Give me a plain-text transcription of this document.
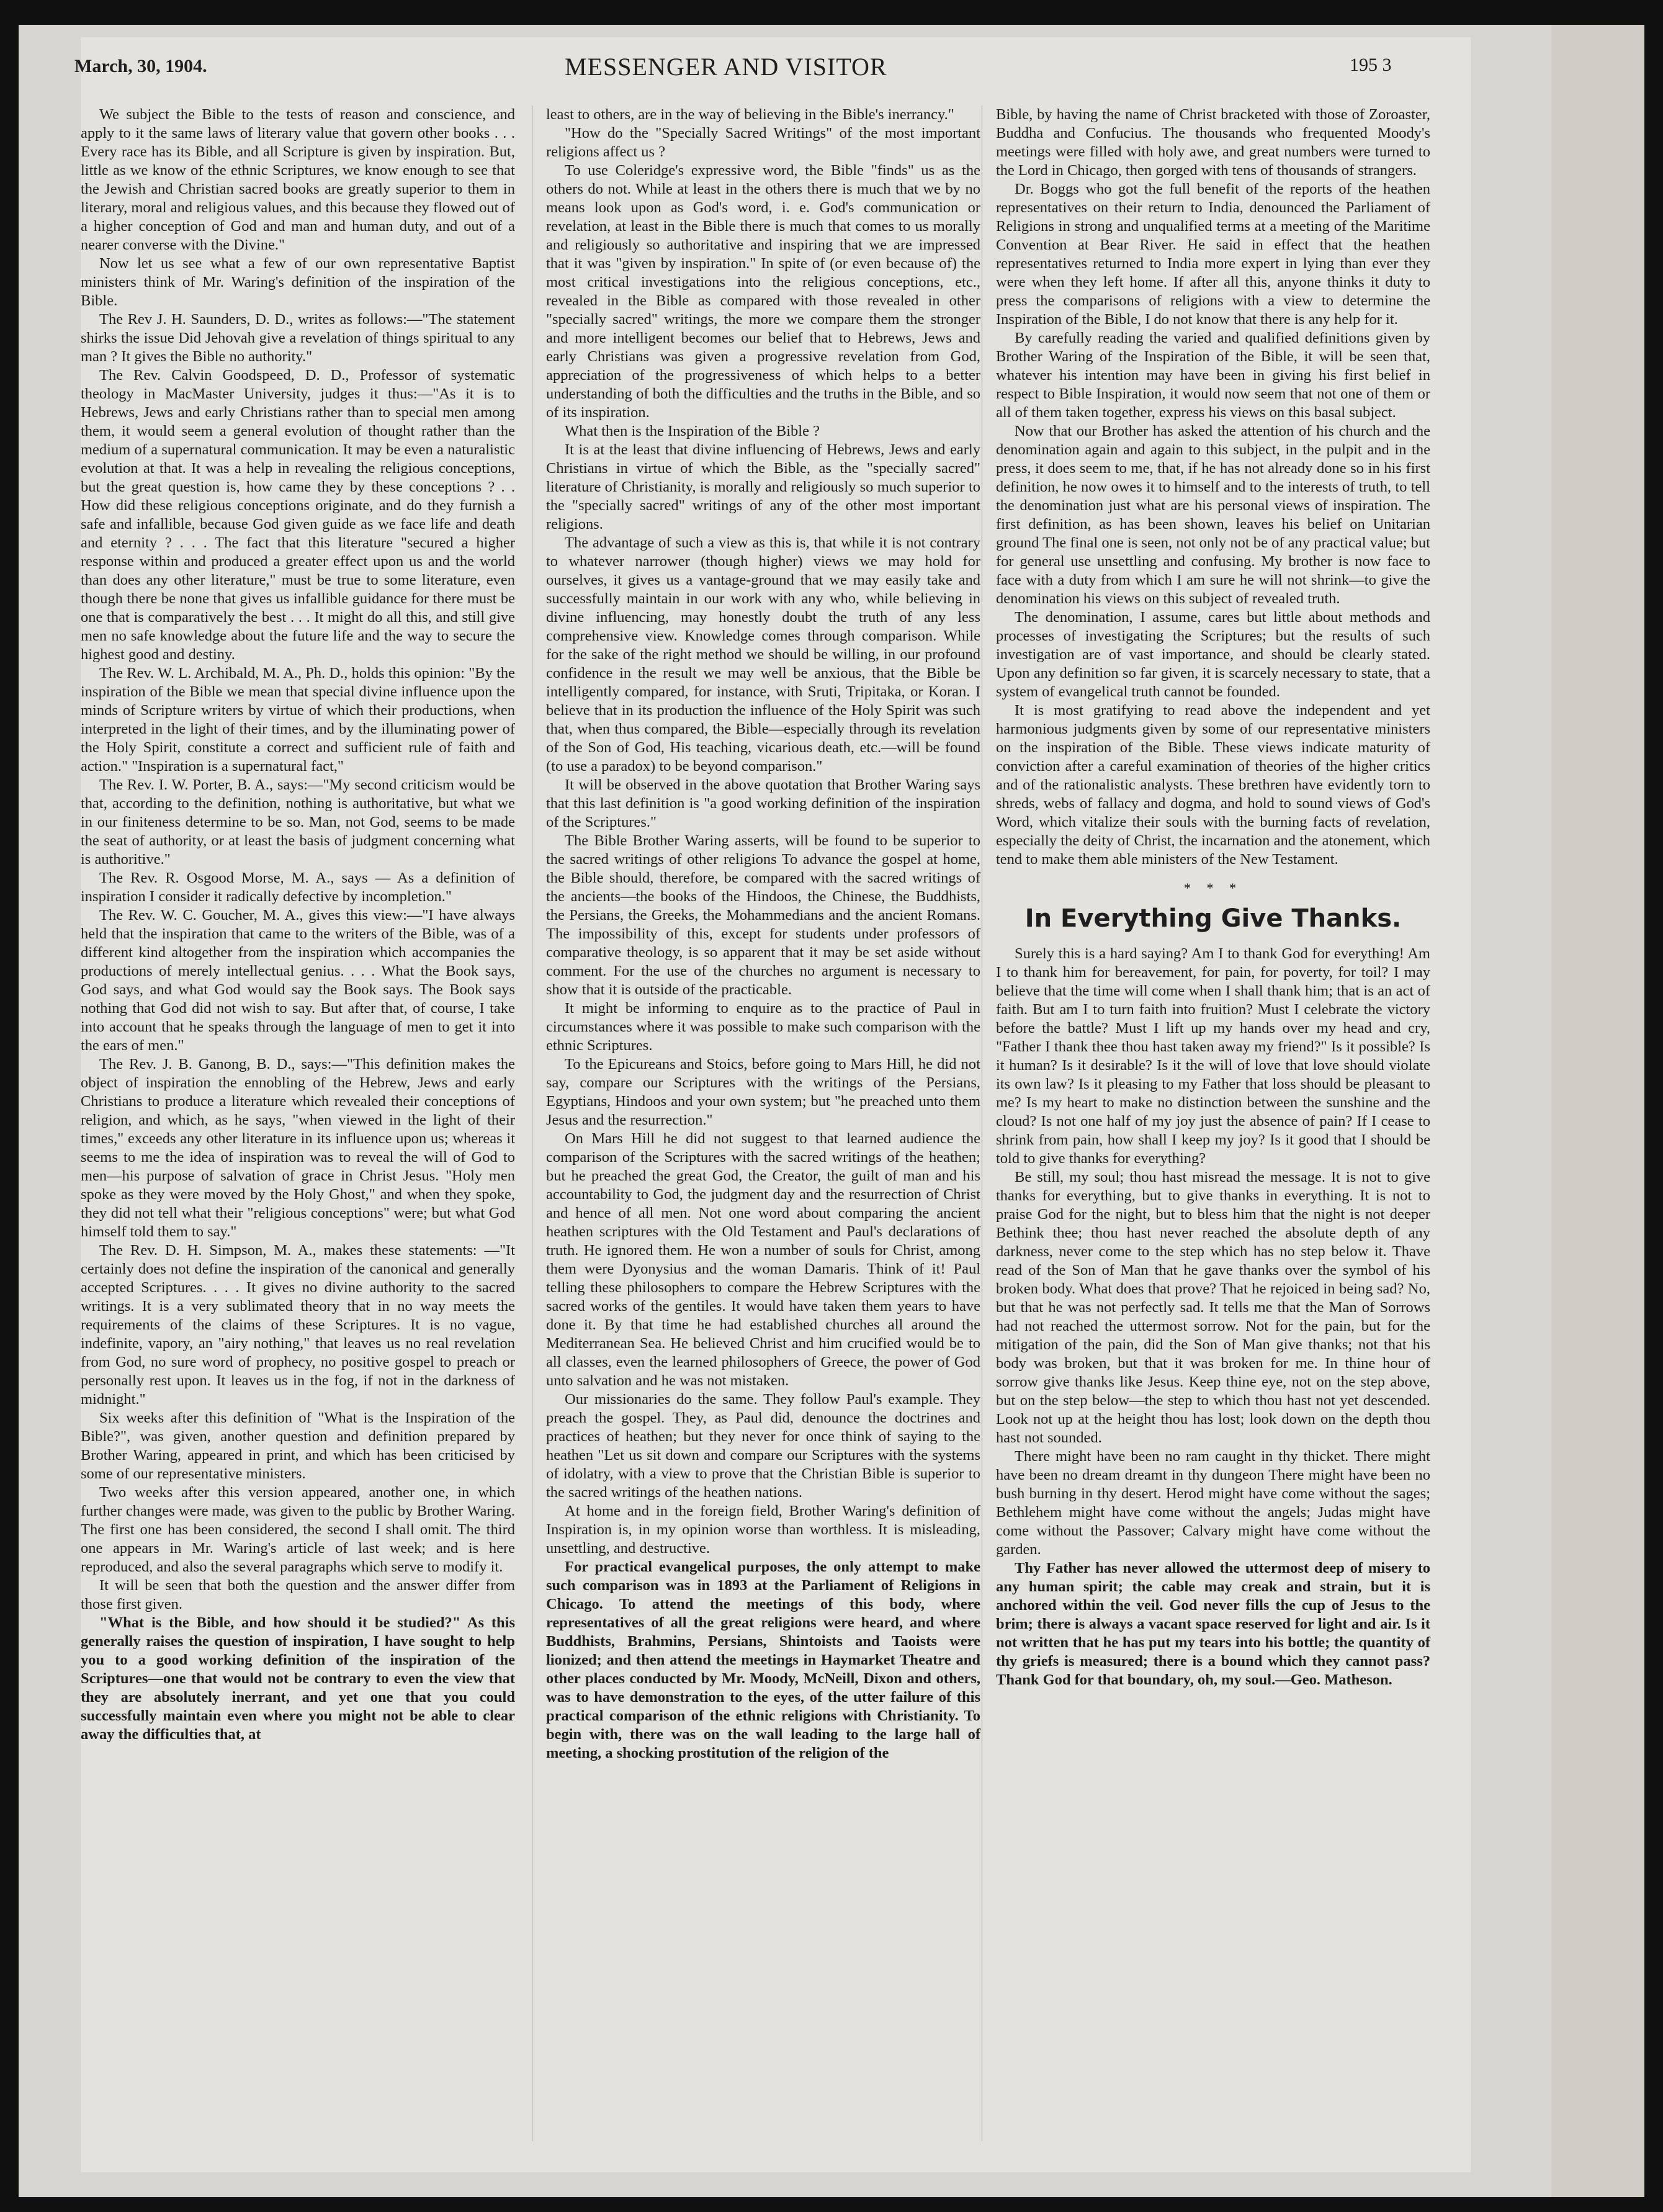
March, 30, 1904.	MESSENGER AND VISITOR	195 3

We subject the Bible to the tests of reason and conscience, and apply to it the same laws of literary value that govern other books . . . Every race has its Bible, and all Scripture is given by inspiration. But, little as we know of the ethnic Scriptures, we know enough to see that the Jewish and Christian sacred books are greatly superior to them in literary, moral and religious values, and this because they flowed out of a higher conception of God and man and human duty, and out of a nearer converse with the Divine."

Now let us see what a few of our own representative Baptist ministers think of Mr. Waring's definition of the inspiration of the Bible.

The Rev J. H. Saunders, D. D., writes as follows:—"The statement shirks the issue Did Jehovah give a revelation of things spiritual to any man ? It gives the Bible no authority."

The Rev. Calvin Goodspeed, D. D., Professor of systematic theology in MacMaster University, judges it thus:—"As it is to Hebrews, Jews and early Christians rather than to special men among them, it would seem a general evolution of thought rather than the medium of a supernatural communication. It may be even a naturalistic evolution at that. It was a help in revealing the religious conceptions, but the great question is, how came they by these conceptions ? . . How did these religious conceptions originate, and do they furnish a safe and infallible, because God given guide as we face life and death and eternity ? . . . The fact that this literature "secured a higher response within and produced a greater effect upon us and the world than does any other literature," must be true to some literature, even though there be none that gives us infallible guidance for there must be one that is comparatively the best . . . It might do all this, and still give men no safe knowledge about the future life and the way to secure the highest good and destiny.

The Rev. W. L. Archibald, M. A., Ph. D., holds this opinion: "By the inspiration of the Bible we mean that special divine influence upon the minds of Scripture writers by virtue of which their productions, when interpreted in the light of their times, and by the illuminating power of the Holy Spirit, constitute a correct and sufficient rule of faith and action." "Inspiration is a supernatural fact,"

The Rev. I. W. Porter, B. A., says:—"My second criticism would be that, according to the definition, nothing is authoritative, but what we in our finiteness determine to be so. Man, not God, seems to be made the seat of authority, or at least the basis of judgment concerning what is authoritive."

The Rev. R. Osgood Morse, M. A., says — As a definition of inspiration I consider it radically defective by incompletion."

The Rev. W. C. Goucher, M. A., gives this view:—"I have always held that the inspiration that came to the writers of the Bible, was of a different kind altogether from the inspiration which accompanies the productions of merely intellectual genius. . . . What the Book says, God says, and what God would say the Book says. The Book says nothing that God did not wish to say. But after that, of course, I take into account that he speaks through the language of men to get it into the ears of men."

The Rev. J. B. Ganong, B. D., says:—"This definition makes the object of inspiration the ennobling of the Hebrew, Jews and early Christians to produce a literature which revealed their conceptions of religion, and which, as he says, "when viewed in the light of their times," exceeds any other literature in its influence upon us; whereas it seems to me the idea of inspiration was to reveal the will of God to men—his purpose of salvation of grace in Christ Jesus. "Holy men spoke as they were moved by the Holy Ghost," and when they spoke, they did not tell what their "religious conceptions" were; but what God himself told them to say."

The Rev. D. H. Simpson, M. A., makes these statements: —"It certainly does not define the inspiration of the canonical and generally accepted Scriptures. . . . It gives no divine authority to the sacred writings. It is a very sublimated theory that in no way meets the requirements of the claims of these Scriptures. It is no vague, indefinite, vapory, an "airy nothing," that leaves us no real revelation from God, no sure word of prophecy, no positive gospel to preach or personally rest upon. It leaves us in the fog, if not in the darkness of midnight."

Six weeks after this definition of "What is the Inspiration of the Bible?", was given, another question and definition prepared by Brother Waring, appeared in print, and which has been criticised by some of our representative ministers.

Two weeks after this version appeared, another one, in which further changes were made, was given to the public by Brother Waring. The first one has been considered, the second I shall omit. The third one appears in Mr. Waring's article of last week; and is here reproduced, and also the several paragraphs which serve to modify it.

It will be seen that both the question and the answer differ from those first given.

"What is the Bible, and how should it be studied?" As this generally raises the question of inspiration, I have sought to help you to a good working definition of the inspiration of the Scriptures—one that would not be contrary to even the view that they are absolutely inerrant, and yet one that you could successfully maintain even where you might not be able to clear away the difficulties that, at

least to others, are in the way of believing in the Bible's inerrancy."

"How do the "Specially Sacred Writings" of the most important religions affect us ?

To use Coleridge's expressive word, the Bible "finds" us as the others do not. While at least in the others there is much that we by no means look upon as God's word, i. e. God's communication or revelation, at least in the Bible there is much that comes to us morally and religiously so authoritative and inspiring that we are impressed that it was "given by inspiration." In spite of (or even because of) the most critical investigations into the religious conceptions, etc., revealed in the Bible as compared with those revealed in other "specially sacred" writings, the more we compare them the stronger and more intelligent becomes our belief that to Hebrews, Jews and early Christians was given a progressive revelation from God, appreciation of the progressiveness of which helps to a better understanding of both the difficulties and the truths in the Bible, and so of its inspiration.

What then is the Inspiration of the Bible ?

It is at the least that divine influencing of Hebrews, Jews and early Christians in virtue of which the Bible, as the "specially sacred" literature of Christianity, is morally and religiously so much superior to the "specially sacred" writings of any of the other most important religions.

The advantage of such a view as this is, that while it is not contrary to whatever narrower (though higher) views we may hold for ourselves, it gives us a vantage-ground that we may easily take and successfully maintain in our work with any who, while believing in divine influencing, may honestly doubt the truth of any less comprehensive view. Knowledge comes through comparison. While for the sake of the right method we should be willing, in our profound confidence in the result we may well be anxious, that the Bible be intelligently compared, for instance, with Sruti, Tripitaka, or Koran. I believe that in its production the influence of the Holy Spirit was such that, when thus compared, the Bible—especially through its revelation of the Son of God, His teaching, vicarious death, etc.—will be found (to use a paradox) to be beyond comparison."

It will be observed in the above quotation that Brother Waring says that this last definition is "a good working definition of the inspiration of the Scriptures."

The Bible Brother Waring asserts, will be found to be superior to the sacred writings of other religions To advance the gospel at home, the Bible should, therefore, be compared with the sacred writings of the ancients—the books of the Hindoos, the Chinese, the Buddhists, the Persians, the Greeks, the Mohammedians and the ancient Romans. The impossibility of this, except for students under professors of comparative theology, is so apparent that it may be set aside without comment. For the use of the churches no argument is necessary to show that it is outside of the practicable.

It might be informing to enquire as to the practice of Paul in circumstances where it was possible to make such comparison with the ethnic Scriptures.

To the Epicureans and Stoics, before going to Mars Hill, he did not say, compare our Scriptures with the writings of the Persians, Egyptians, Hindoos and your own system; but "he preached unto them Jesus and the resurrection."

On Mars Hill he did not suggest to that learned audience the comparison of the Scriptures with the sacred writings of the heathen; but he preached the great God, the Creator, the guilt of man and his accountability to God, the judgment day and the resurrection of Christ and hence of all men. Not one word about comparing the ancient heathen scriptures with the Old Testament and Paul's declarations of truth. He ignored them. He won a number of souls for Christ, among them were Dyonysius and the woman Damaris. Think of it! Paul telling these philosophers to compare the Hebrew Scriptures with the sacred works of the gentiles. It would have taken them years to have done it. By that time he had established churches all around the Mediterranean Sea. He believed Christ and him crucified would be to all classes, even the learned philosophers of Greece, the power of God unto salvation and he was not mistaken.

Our missionaries do the same. They follow Paul's example. They preach the gospel. They, as Paul did, denounce the doctrines and practices of heathen; but they never for once think of saying to the heathen "Let us sit down and compare our Scriptures with the systems of idolatry, with a view to prove that the Christian Bible is superior to the sacred writings of the heathen nations.

At home and in the foreign field, Brother Waring's definition of Inspiration is, in my opinion worse than worthless. It is misleading, unsettling, and destructive.

For practical evangelical purposes, the only attempt to make such comparison was in 1893 at the Parliament of Religions in Chicago. To attend the meetings of this body, where representatives of all the great religions were heard, and where Buddhists, Brahmins, Persians, Shintoists and Taoists were lionized; and then attend the meetings in Haymarket Theatre and other places conducted by Mr. Moody, McNeill, Dixon and others, was to have demonstration to the eyes, of the utter failure of this practical comparison of the ethnic religions with Christianity. To begin with, there was on the wall leading to the large hall of meeting, a shocking prostitution of the religion of the

Bible, by having the name of Christ bracketed with those of Zoroaster, Buddha and Confucius. The thousands who frequented Moody's meetings were filled with holy awe, and great numbers were turned to the Lord in Chicago, then gorged with tens of thousands of strangers.

Dr. Boggs who got the full benefit of the reports of the heathen representatives on their return to India, denounced the Parliament of Religions in strong and unqualified terms at a meeting of the Maritime Convention at Bear River. He said in effect that the heathen representatives returned to India more expert in lying than ever they were when they left home. If after all this, anyone thinks it duty to press the comparisons of religions with a view to determine the Inspiration of the Bible, I do not know that there is any help for it.

By carefully reading the varied and qualified definitions given by Brother Waring of the Inspiration of the Bible, it will be seen that, whatever his intention may have been in giving his first belief in respect to Bible Inspiration, it would now seem that not one of them or all of them taken together, express his views on this basal subject.

Now that our Brother has asked the attention of his church and the denomination again and again to this subject, in the pulpit and in the press, it does seem to me, that, if he has not already done so in his first definition, he now owes it to himself and to the interests of truth, to tell the denomination just what are his personal views of inspiration. The first definition, as has been shown, leaves his belief on Unitarian ground The final one is seen, not only not be of any practical value; but for general use unsettling and confusing. My brother is now face to face with a duty from which I am sure he will not shrink—to give the denomination his views on this subject of revealed truth.

The denomination, I assume, cares but little about methods and processes of investigating the Scriptures; but the results of such investigation are of vast importance, and should be clearly stated. Upon any definition so far given, it is scarcely necessary to state, that a system of evangelical truth cannot be founded.

It is most gratifying to read above the independent and yet harmonious judgments given by some of our representative ministers on the inspiration of the Bible. These views indicate maturity of conviction after a careful examination of theories of the higher critics and of the rationalistic analysts. These brethren have evidently torn to shreds, webs of fallacy and dogma, and hold to sound views of God's Word, which vitalize their souls with the burning facts of revelation, especially the deity of Christ, the incarnation and the atonement, which tend to make them able ministers of the New Testament.

* * *
In Everything Give Thanks.

Surely this is a hard saying? Am I to thank God for everything! Am I to thank him for bereavement, for pain, for poverty, for toil? I may believe that the time will come when I shall thank him; that is an act of faith. But am I to turn faith into fruition? Must I celebrate the victory before the battle? Must I lift up my hands over my head and cry, "Father I thank thee thou hast taken away my friend?" Is it possible? Is it human? Is it desirable? Is it the will of love that love should violate its own law? Is it pleasing to my Father that loss should be pleasant to me? Is my heart to make no distinction between the sunshine and the cloud? Is not one half of my joy just the absence of pain? If I cease to shrink from pain, how shall I keep my joy? Is it good that I should be told to give thanks for everything?

Be still, my soul; thou hast misread the message. It is not to give thanks for everything, but to give thanks in everything. It is not to praise God for the night, but to bless him that the night is not deeper Bethink thee; thou hast never reached the absolute depth of any darkness, never come to the step which has no step below it. Thave read of the Son of Man that he gave thanks over the symbol of his broken body. What does that prove? That he rejoiced in being sad? No, but that he was not perfectly sad. It tells me that the Man of Sorrows had not reached the uttermost sorrow. Not for the pain, but for the mitigation of the pain, did the Son of Man give thanks; not that his body was broken, but that it was broken for me. In thine hour of sorrow give thanks like Jesus. Keep thine eye, not on the step above, but on the step below—the step to which thou hast not yet descended. Look not up at the height thou has lost; look down on the depth thou hast not sounded.

There might have been no ram caught in thy thicket. There might have been no dream dreamt in thy dungeon There might have been no bush burning in thy desert. Herod might have come without the sages; Bethlehem might have come without the angels; Judas might have come without the Passover; Calvary might have come without the garden.

Thy Father has never allowed the uttermost deep of misery to any human spirit; the cable may creak and strain, but it is anchored within the veil. God never fills the cup of Jesus to the brim; there is always a vacant space reserved for light and air. Is it not written that he has put my tears into his bottle; the quantity of thy griefs is measured; there is a bound which they cannot pass? Thank God for that boundary, oh, my soul.—Geo. Matheson.
